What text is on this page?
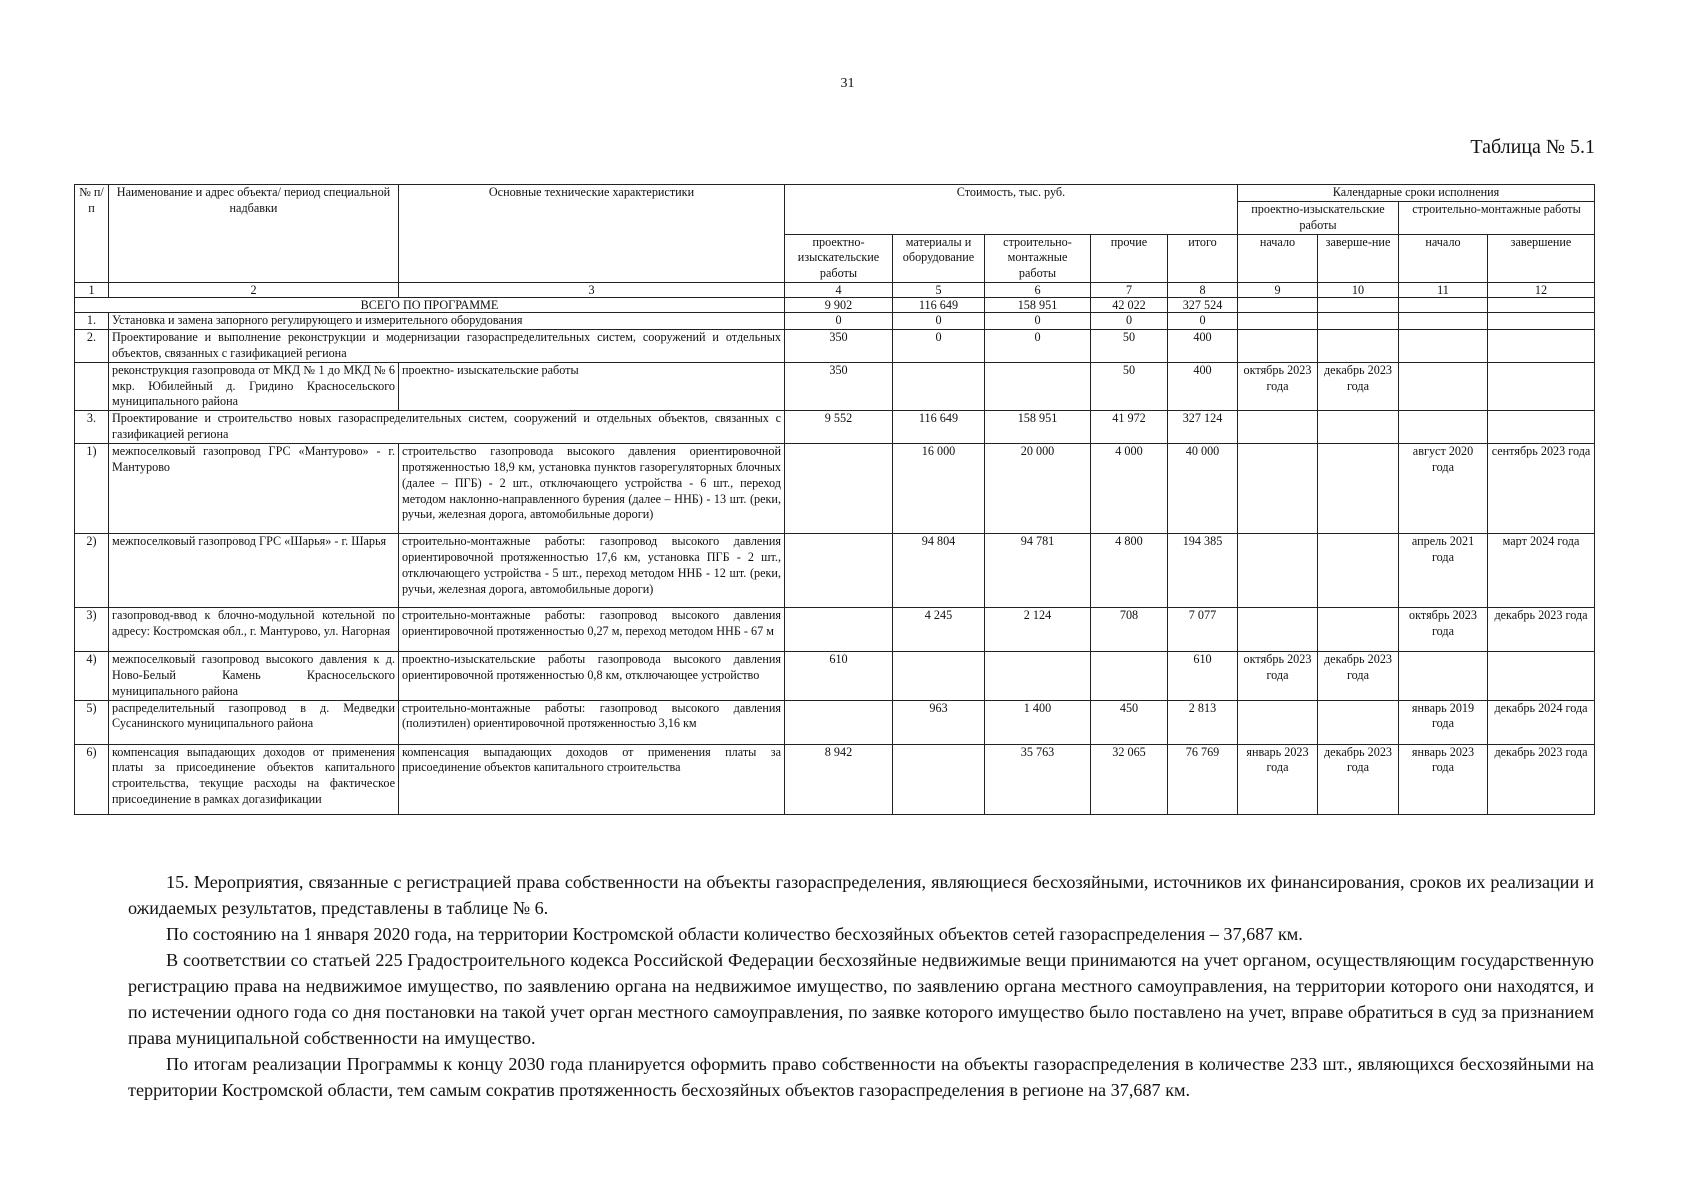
31
Таблица № 5.1
№ п/п	Наименование и адрес объекта/ период специальной надбавки	Основные технические характеристики	Стоимость, тыс. руб.					Календарные сроки исполнения			
								проектно-изыскательские работы		строительно-монтажные работы	
			проектно-изыскательские работы	материалы и оборудование	строительно-монтажные работы	прочие	итого	начало	заверше-ние	начало	завершение
1	2	3	4	5	6	7	8	9	10	11	12
ВСЕГО ПО ПРОГРАММЕ			9 902	116 649	158 951	42 022	327 524				
1.	Установка и замена запорного регулирующего и измерительного оборудования		0	0	0	0	0				
2.	Проектирование и выполнение реконструкции и модернизации газораспределительных систем, сооружений и отдельных объектов, связанных с газификацией региона		350	0	0	50	400				
	реконструкция газопровода от МКД № 1 до МКД № 6 мкр. Юбилейный д. Гридино Красносельского муниципального района	проектно- изыскательские работы	350			50	400	октябрь 2023 года	декабрь 2023 года		
3.	Проектирование и строительство новых газораспределительных систем, сооружений и отдельных объектов, связанных с газификацией региона		9 552	116 649	158 951	41 972	327 124				
1)	межпоселковый газопровод ГРС «Мантурово» - г. Мантурово	строительство газопровода высокого давления ориентировочной протяженностью 18,9 км, установка пунктов газорегуляторных блочных (далее – ПГБ) - 2 шт., отключающего устройства - 6 шт., переход методом наклонно-направленного бурения (далее – ННБ) - 13 шт. (реки, ручьи, железная дорога, автомобильные дороги)		16 000	20 000	4 000	40 000			август 2020 года	сентябрь 2023 года
2)	межпоселковый газопровод ГРС «Шарья» - г. Шарья	строительно-монтажные работы: газопровод высокого давления ориентировочной протяженностью 17,6 км, установка ПГБ - 2 шт., отключающего устройства - 5 шт., переход методом ННБ - 12 шт. (реки, ручьи, железная дорога, автомобильные дороги)		94 804	94 781	4 800	194 385			апрель 2021 года	март 2024 года
3)	газопровод-ввод к блочно-модульной котельной по адресу: Костромская обл., г. Мантурово, ул. Нагорная	строительно-монтажные работы: газопровод высокого давления ориентировочной протяженностью 0,27 м, переход методом ННБ - 67 м		4 245	2 124	708	7 077			октябрь 2023 года	декабрь 2023 года
4)	межпоселковый газопровод высокого давления к д. Ново-Белый Камень Красносельского муниципального района	проектно-изыскательские работы газопровода высокого давления ориентировочной протяженностью 0,8 км, отключающее устройство	610				610	октябрь 2023 года	декабрь 2023 года		
5)	распределительный газопровод в д. Медведки Сусанинского муниципального района	строительно-монтажные работы: газопровод высокого давления (полиэтилен) ориентировочной протяженностью 3,16 км		963	1 400	450	2 813			январь 2019 года	декабрь 2024 года
6)	компенсация выпадающих доходов от применения платы за присоединение объектов капитального строительства, текущие расходы на фактическое присоединение в рамках догазификации	компенсация выпадающих доходов от применения платы за присоединение объектов капитального строительства	8 942		35 763	32 065	76 769	январь 2023 года	декабрь 2023 года	январь 2023 года	декабрь 2023 года

15. Мероприятия, связанные с регистрацией права собственности на объекты газораспределения, являющиеся бесхозяйными, источников их финансирования, сроков их реализации и ожидаемых результатов, представлены в таблице № 6.

По состоянию на 1 января 2020 года, на территории Костромской области количество бесхозяйных объектов сетей газораспределения – 37,687 км.

В соответствии со статьей 225 Градостроительного кодекса Российской Федерации бесхозяйные недвижимые вещи принимаются на учет органом, осуществляющим государственную регистрацию права на недвижимое имущество, по заявлению органа на недвижимое имущество, по заявлению органа местного самоуправления, на территории которого они находятся, и по истечении одного года со дня постановки на такой учет орган местного самоуправления, по заявке которого имущество было поставлено на учет, вправе обратиться в суд за признанием права муниципальной собственности на имущество.

По итогам реализации Программы к концу 2030 года планируется оформить право собственности на объекты газораспределения в количестве 233 шт., являющихся бесхозяйными на территории Костромской области, тем самым сократив протяженность бесхозяйных объектов газораспределения в регионе на 37,687 км.
